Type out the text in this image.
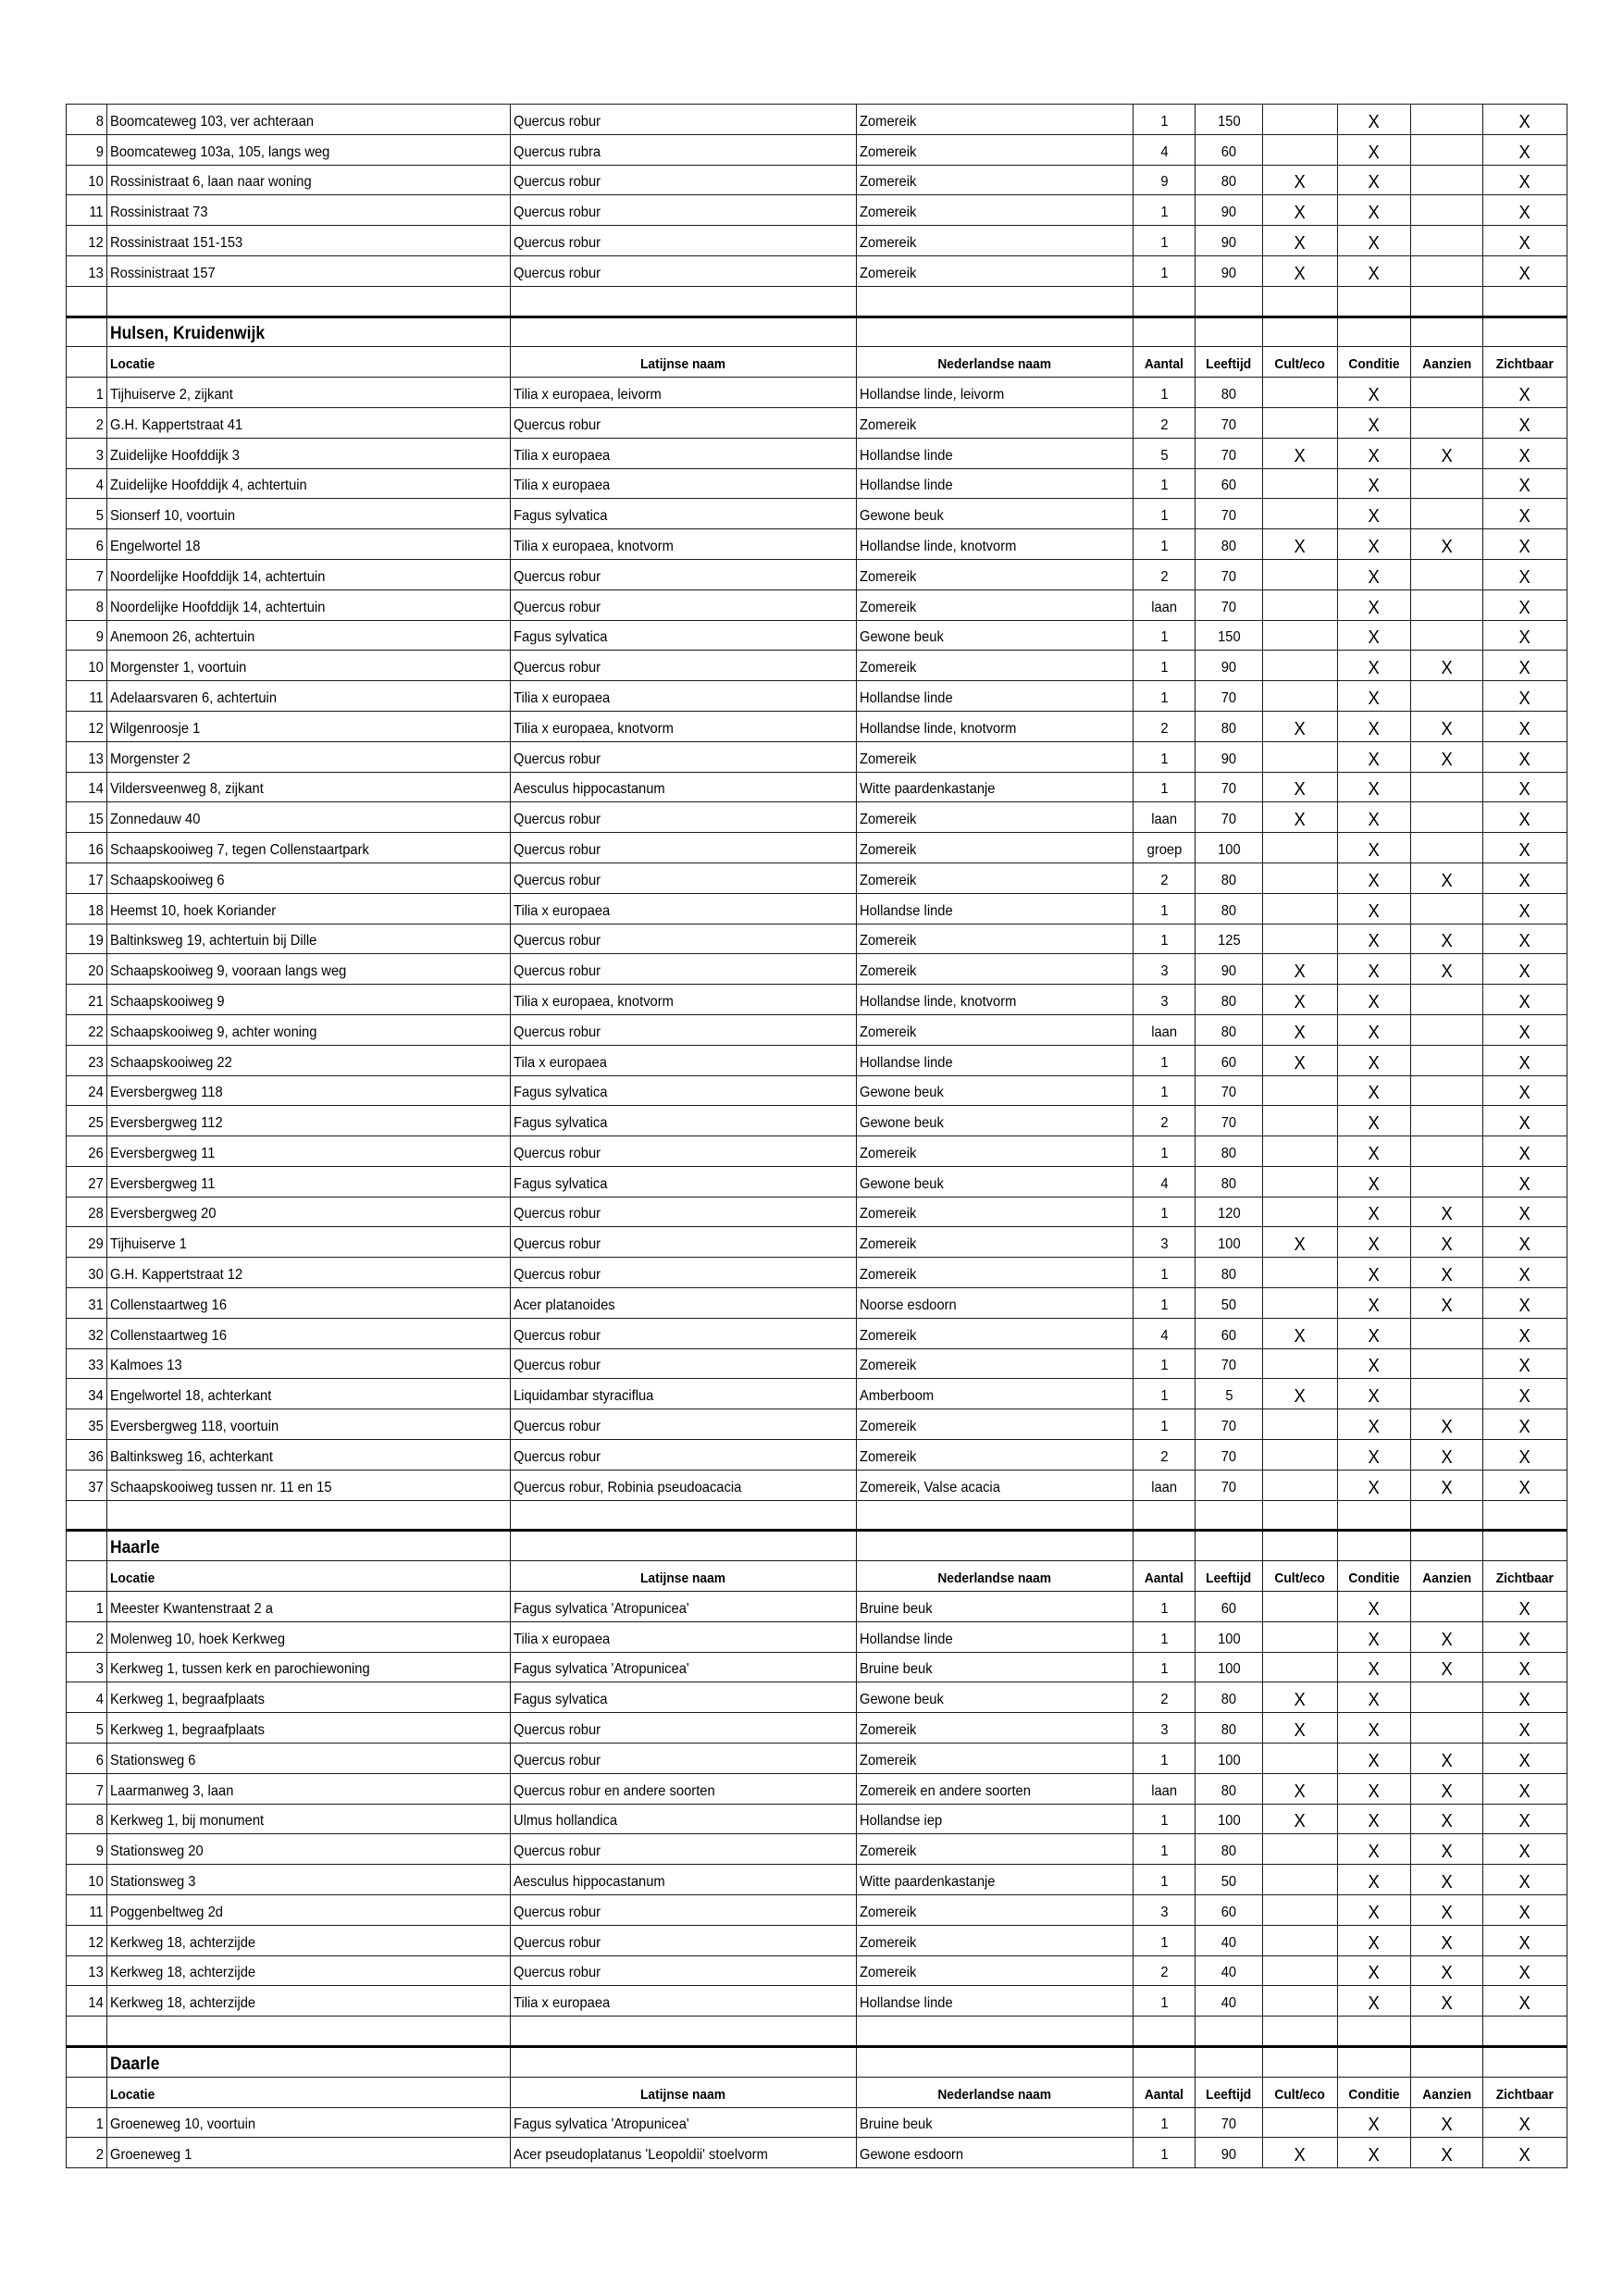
8	Boomcateweg 103, ver achteraan	Quercus robur	Zomereik	1	150		X		X
9	Boomcateweg 103a, 105, langs weg	Quercus rubra	Zomereik	4	60		X		X
10	Rossinistraat 6, laan naar woning	Quercus robur	Zomereik	9	80	X	X		X
11	Rossinistraat 73	Quercus robur	Zomereik	1	90	X	X		X
12	Rossinistraat 151-153	Quercus robur	Zomereik	1	90	X	X		X
13	Rossinistraat 157	Quercus robur	Zomereik	1	90	X	X		X

	Hulsen, Kruidenwijk								
	Locatie	Latijnse naam	Nederlandse naam	Aantal	Leeftijd	Cult/eco	Conditie	Aanzien	Zichtbaar
1	Tijhuiserve 2, zijkant	Tilia x europaea, leivorm	Hollandse linde, leivorm	1	80		X		X
2	G.H. Kappertstraat 41	Quercus robur	Zomereik	2	70		X		X
3	Zuidelijke Hoofddijk 3	Tilia x europaea	Hollandse linde	5	70	X	X	X	X
4	Zuidelijke Hoofddijk 4, achtertuin	Tilia x europaea	Hollandse linde	1	60		X		X
5	Sionserf 10, voortuin	Fagus sylvatica	Gewone beuk	1	70		X		X
6	Engelwortel 18	Tilia x europaea, knotvorm	Hollandse linde, knotvorm	1	80	X	X	X	X
7	Noordelijke Hoofddijk 14, achtertuin	Quercus robur	Zomereik	2	70		X		X
8	Noordelijke Hoofddijk 14, achtertuin	Quercus robur	Zomereik	laan	70		X		X
9	Anemoon 26, achtertuin	Fagus sylvatica	Gewone beuk	1	150		X		X
10	Morgenster 1, voortuin	Quercus robur	Zomereik	1	90		X	X	X
11	Adelaarsvaren 6, achtertuin	Tilia x europaea	Hollandse linde	1	70		X		X
12	Wilgenroosje 1	Tilia x europaea, knotvorm	Hollandse linde, knotvorm	2	80	X	X	X	X
13	Morgenster 2	Quercus robur	Zomereik	1	90		X	X	X
14	Vildersveenweg 8, zijkant	Aesculus hippocastanum	Witte paardenkastanje	1	70	X	X		X
15	Zonnedauw 40	Quercus robur	Zomereik	laan	70	X	X		X
16	Schaapskooiweg 7, tegen Collenstaartpark	Quercus robur	Zomereik	groep	100		X		X
17	Schaapskooiweg 6	Quercus robur	Zomereik	2	80		X	X	X
18	Heemst 10, hoek Koriander	Tilia x europaea	Hollandse linde	1	80		X		X
19	Baltinksweg 19, achtertuin bij Dille	Quercus robur	Zomereik	1	125		X	X	X
20	Schaapskooiweg 9, vooraan langs weg	Quercus robur	Zomereik	3	90	X	X	X	X
21	Schaapskooiweg 9	Tilia x europaea, knotvorm	Hollandse linde, knotvorm	3	80	X	X		X
22	Schaapskooiweg 9, achter woning	Quercus robur	Zomereik	laan	80	X	X		X
23	Schaapskooiweg 22	Tila x europaea	Hollandse linde	1	60	X	X		X
24	Eversbergweg 118	Fagus sylvatica	Gewone beuk	1	70		X		X
25	Eversbergweg 112	Fagus sylvatica	Gewone beuk	2	70		X		X
26	Eversbergweg 11	Quercus robur	Zomereik	1	80		X		X
27	Eversbergweg 11	Fagus sylvatica	Gewone beuk	4	80		X		X
28	Eversbergweg 20	Quercus robur	Zomereik	1	120		X	X	X
29	Tijhuiserve 1	Quercus robur	Zomereik	3	100	X	X	X	X
30	G.H. Kappertstraat 12	Quercus robur	Zomereik	1	80		X	X	X
31	Collenstaartweg 16	Acer platanoides	Noorse esdoorn	1	50		X	X	X
32	Collenstaartweg 16	Quercus robur	Zomereik	4	60	X	X		X
33	Kalmoes 13	Quercus robur	Zomereik	1	70		X		X
34	Engelwortel 18, achterkant	Liquidambar styraciflua	Amberboom	1	5	X	X		X
35	Eversbergweg 118, voortuin	Quercus robur	Zomereik	1	70		X	X	X
36	Baltinksweg 16, achterkant	Quercus robur	Zomereik	2	70		X	X	X
37	Schaapskooiweg tussen nr. 11 en 15	Quercus robur, Robinia pseudoacacia	Zomereik, Valse acacia	laan	70		X	X	X

	Haarle								
	Locatie	Latijnse naam	Nederlandse naam	Aantal	Leeftijd	Cult/eco	Conditie	Aanzien	Zichtbaar
1	Meester Kwantenstraat 2 a	Fagus sylvatica 'Atropunicea'	Bruine beuk	1	60		X		X
2	Molenweg 10, hoek Kerkweg	Tilia x europaea	Hollandse linde	1	100		X	X	X
3	Kerkweg 1, tussen kerk en parochiewoning	Fagus sylvatica 'Atropunicea'	Bruine beuk	1	100		X	X	X
4	Kerkweg 1, begraafplaats	Fagus sylvatica	Gewone beuk	2	80	X	X		X
5	Kerkweg 1, begraafplaats	Quercus robur	Zomereik	3	80	X	X		X
6	Stationsweg 6	Quercus robur	Zomereik	1	100		X	X	X
7	Laarmanweg 3, laan	Quercus robur en andere soorten	Zomereik en andere soorten	laan	80	X	X	X	X
8	Kerkweg 1, bij monument	Ulmus hollandica	Hollandse iep	1	100	X	X	X	X
9	Stationsweg 20	Quercus robur	Zomereik	1	80		X	X	X
10	Stationsweg 3	Aesculus hippocastanum	Witte paardenkastanje	1	50		X	X	X
11	Poggenbeltweg 2d	Quercus robur	Zomereik	3	60		X	X	X
12	Kerkweg 18, achterzijde	Quercus robur	Zomereik	1	40		X	X	X
13	Kerkweg 18, achterzijde	Quercus robur	Zomereik	2	40		X	X	X
14	Kerkweg 18, achterzijde	Tilia x europaea	Hollandse linde	1	40		X	X	X

	Daarle								
	Locatie	Latijnse naam	Nederlandse naam	Aantal	Leeftijd	Cult/eco	Conditie	Aanzien	Zichtbaar
1	Groeneweg 10, voortuin	Fagus sylvatica 'Atropunicea'	Bruine beuk	1	70		X	X	X
2	Groeneweg 1	Acer pseudoplatanus 'Leopoldii' stoelvorm	Gewone esdoorn	1	90	X	X	X	X
